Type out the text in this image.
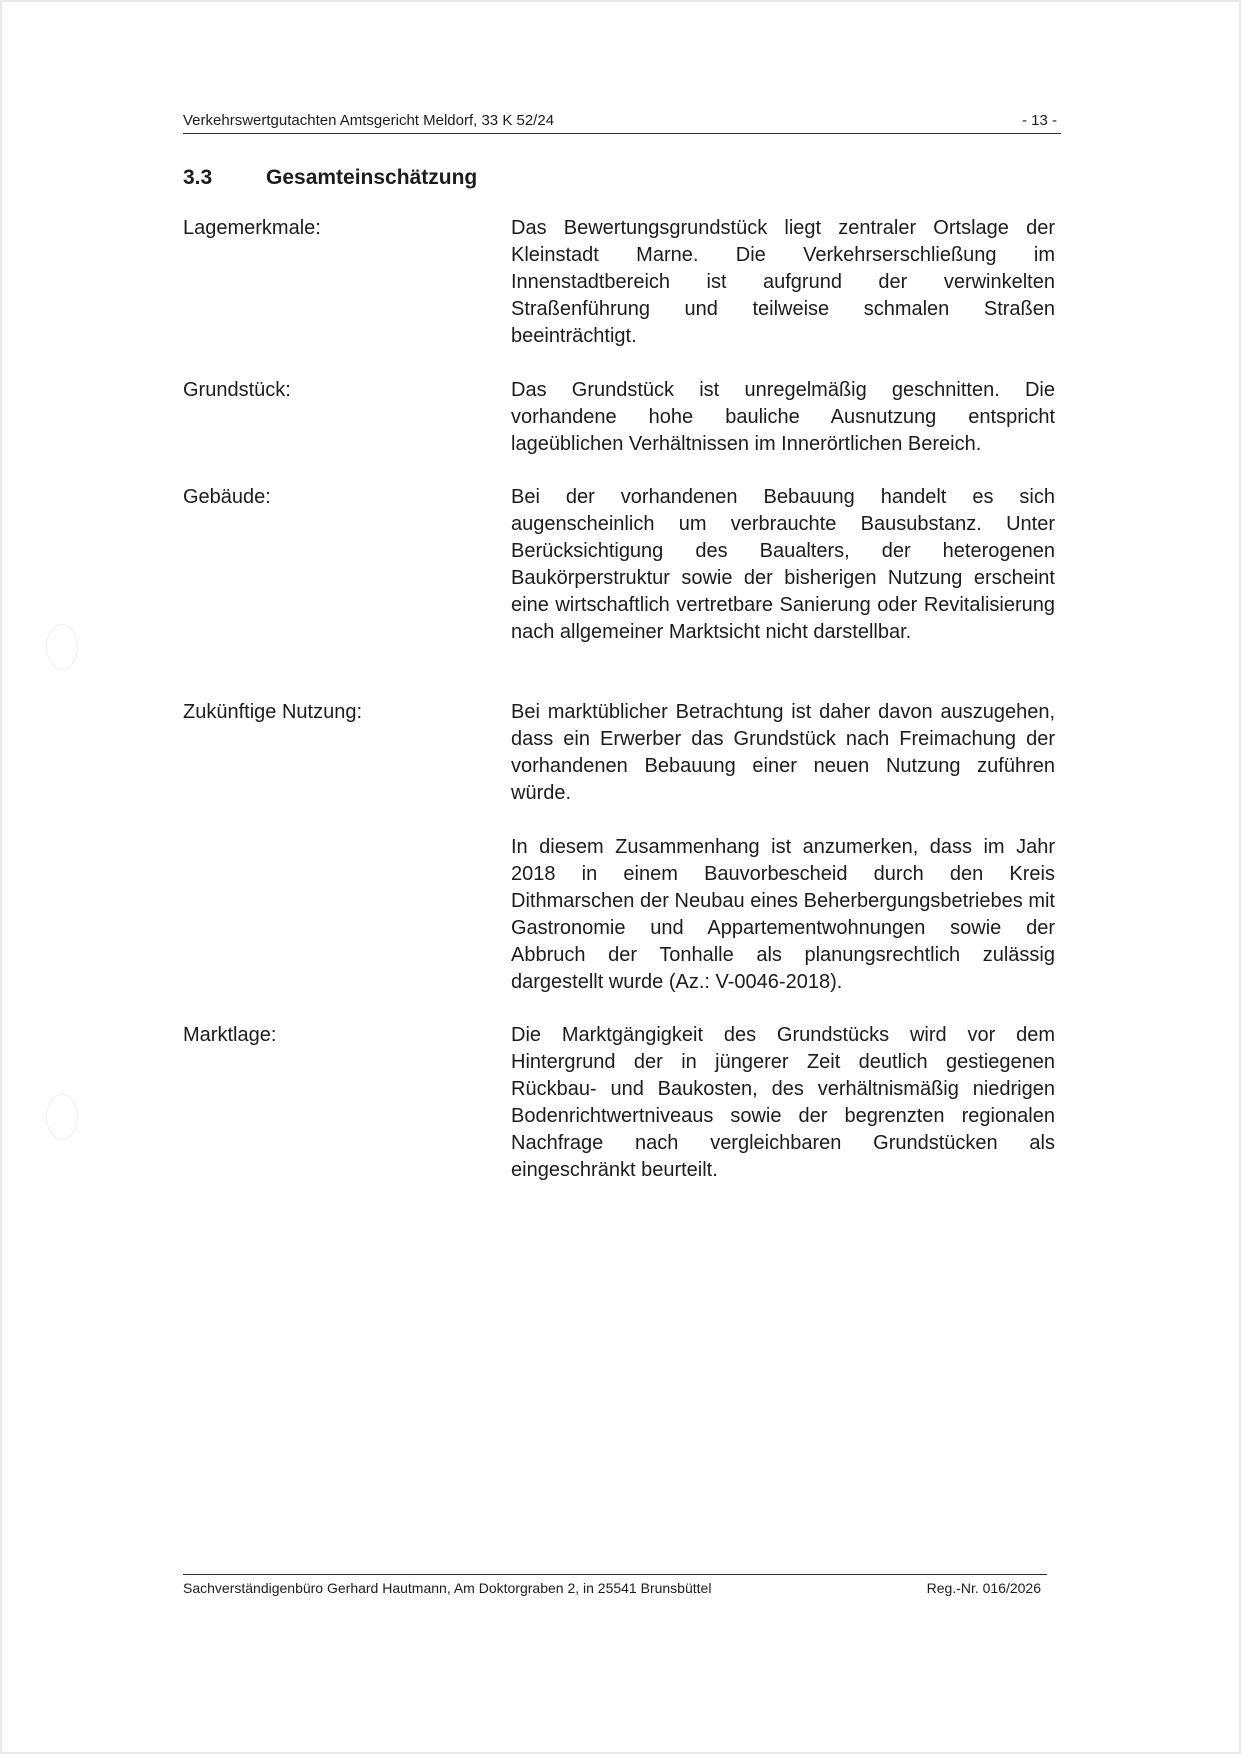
Verkehrswertgutachten Amtsgericht Meldorf, 33 K 52/24	- 13 -
3.3	Gesamteinschätzung
Lagemerkmale:	Das Bewertungsgrundstück liegt zentraler Ortslage der Kleinstadt Marne. Die Verkehrserschließung im Innenstadtbereich ist aufgrund der verwinkelten Straßenführung und teilweise schmalen Straßen beeinträchtigt.
Grundstück:	Das Grundstück ist unregelmäßig geschnitten. Die vorhandene hohe bauliche Ausnutzung entspricht lageüblichen Verhältnissen im Innerörtlichen Bereich.
Gebäude:	Bei der vorhandenen Bebauung handelt es sich augenscheinlich um verbrauchte Bausubstanz. Unter Berücksichtigung des Baualters, der heterogenen Baukörperstruktur sowie der bisherigen Nutzung erscheint eine wirtschaftlich vertretbare Sanierung oder Revitalisierung nach allgemeiner Marktsicht nicht darstellbar.
Zukünftige Nutzung:	Bei marktüblicher Betrachtung ist daher davon auszugehen, dass ein Erwerber das Grundstück nach Freimachung der vorhandenen Bebauung einer neuen Nutzung zuführen würde.
In diesem Zusammenhang ist anzumerken, dass im Jahr 2018 in einem Bauvorbescheid durch den Kreis Dithmarschen der Neubau eines Beherbergungsbetriebes mit Gastronomie und Appartementwohnungen sowie der Abbruch der Tonhalle als planungsrechtlich zulässig dargestellt wurde (Az.: V-0046-2018).
Marktlage:	Die Marktgängigkeit des Grundstücks wird vor dem Hintergrund der in jüngerer Zeit deutlich gestiegenen Rückbau- und Baukosten, des verhältnismäßig niedrigen Bodenrichtwertniveaus sowie der begrenzten regionalen Nachfrage nach vergleichbaren Grundstücken als eingeschränkt beurteilt.
Sachverständigenbüro Gerhard Hautmann, Am Doktorgraben 2, in 25541 Brunsbüttel	Reg.-Nr. 016/2026
